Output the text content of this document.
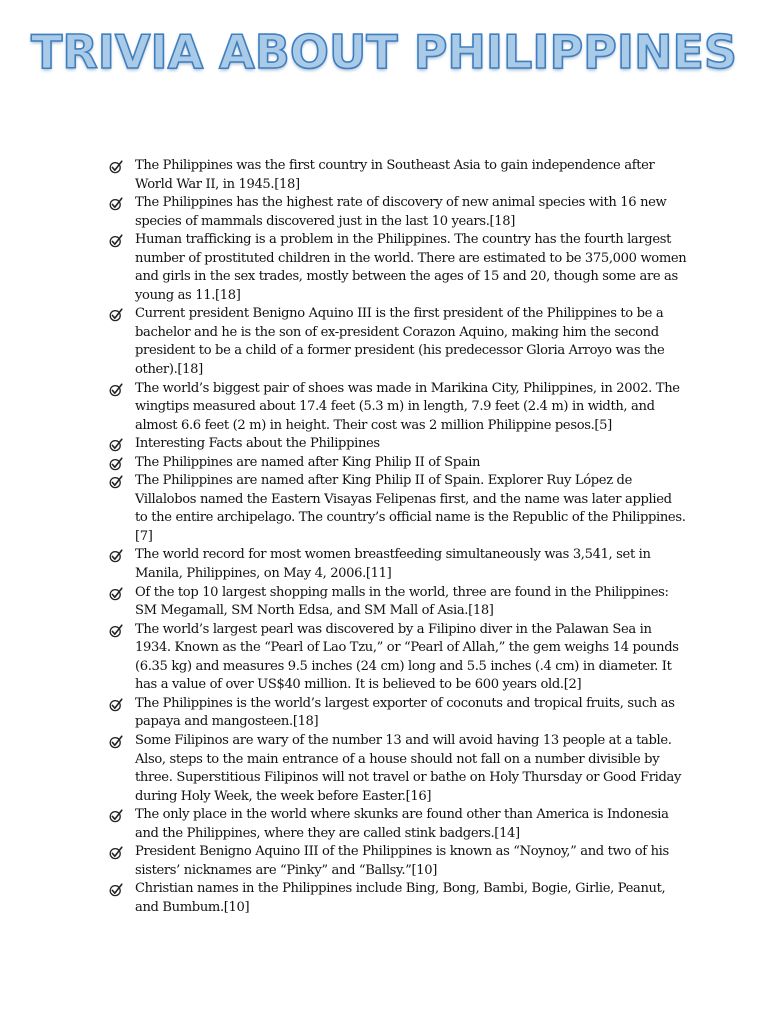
TRIVIA ABOUT PHILIPPINES
The Philippines was the first country in Southeast Asia to gain independence after World War II, in 1945.[18]
The Philippines has the highest rate of discovery of new animal species with 16 new species of mammals discovered just in the last 10 years.[18]
Human trafficking is a problem in the Philippines. The country has the fourth largest number of prostituted children in the world. There are estimated to be 375,000 women and girls in the sex trades, mostly between the ages of 15 and 20, though some are as young as 11.[18]
Current president Benigno Aquino III is the first president of the Philippines to be a bachelor and he is the son of ex-president Corazon Aquino, making him the second president to be a child of a former president (his predecessor Gloria Arroyo was the other).[18]
The world’s biggest pair of shoes was made in Marikina City, Philippines, in 2002. The wingtips measured about 17.4 feet (5.3 m) in length, 7.9 feet (2.4 m) in width, and almost 6.6 feet (2 m) in height. Their cost was 2 million Philippine pesos.[5]
Interesting Facts about the Philippines
The Philippines are named after King Philip II of Spain
The Philippines are named after King Philip II of Spain. Explorer Ruy López de Villalobos named the Eastern Visayas Felipenas first, and the name was later applied to the entire archipelago. The country’s official name is the Republic of the Philippines.[7]
The world record for most women breastfeeding simultaneously was 3,541, set in Manila, Philippines, on May 4, 2006.[11]
Of the top 10 largest shopping malls in the world, three are found in the Philippines: SM Megamall, SM North Edsa, and SM Mall of Asia.[18]
The world’s largest pearl was discovered by a Filipino diver in the Palawan Sea in 1934. Known as the “Pearl of Lao Tzu,” or “Pearl of Allah,” the gem weighs 14 pounds (6.35 kg) and measures 9.5 inches (24 cm) long and 5.5 inches (.4 cm) in diameter. It has a value of over US$40 million. It is believed to be 600 years old.[2]
The Philippines is the world’s largest exporter of coconuts and tropical fruits, such as papaya and mangosteen.[18]
Some Filipinos are wary of the number 13 and will avoid having 13 people at a table. Also, steps to the main entrance of a house should not fall on a number divisible by three. Superstitious Filipinos will not travel or bathe on Holy Thursday or Good Friday during Holy Week, the week before Easter.[16]
The only place in the world where skunks are found other than America is Indonesia and the Philippines, where they are called stink badgers.[14]
President Benigno Aquino III of the Philippines is known as “Noynoy,” and two of his sisters’ nicknames are “Pinky” and “Ballsy.”[10]
Christian names in the Philippines include Bing, Bong, Bambi, Bogie, Girlie, Peanut, and Bumbum.[10]
